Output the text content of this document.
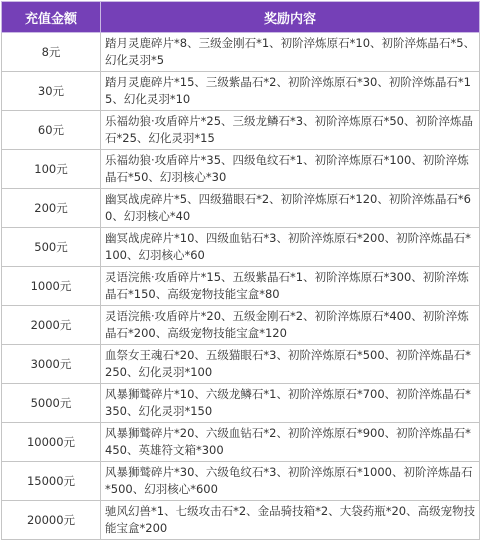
充值金额	奖励内容
8元	踏月灵鹿碎片*8、三级金刚石*1、初阶淬炼原石*10、初阶淬炼晶石*5、幻化灵羽*5
30元	踏月灵鹿碎片*15、三级紫晶石*2、初阶淬炼原石*30、初阶淬炼晶石*15、幻化灵羽*10
60元	乐福幼狼·攻盾碎片*25、三级龙鳞石*3、初阶淬炼原石*50、初阶淬炼晶石*25、幻化灵羽*15
100元	乐福幼狼·攻盾碎片*35、四级龟纹石*1、初阶淬炼原石*100、初阶淬炼晶石*50、幻羽核心*30
200元	幽冥战虎碎片*5、四级猫眼石*2、初阶淬炼原石*120、初阶淬炼晶石*60、幻羽核心*40
500元	幽冥战虎碎片*10、四级血钻石*3、初阶淬炼原石*200、初阶淬炼晶石*100、幻羽核心*60
1000元	灵语浣熊·攻盾碎片*15、五级紫晶石*1、初阶淬炼原石*300、初阶淬炼晶石*150、高级宠物技能宝盒*80
2000元	灵语浣熊·攻盾碎片*20、五级金刚石*2、初阶淬炼原石*400、初阶淬炼晶石*200、高级宠物技能宝盒*120
3000元	血祭女王魂石*20、五级猫眼石*3、初阶淬炼原石*500、初阶淬炼晶石*250、幻化灵羽*100
5000元	风暴狮鹫碎片*10、六级龙鳞石*1、初阶淬炼原石*700、初阶淬炼晶石*350、幻化灵羽*150
10000元	风暴狮鹫碎片*20、六级血钻石*2、初阶淬炼原石*900、初阶淬炼晶石*450、英雄符文箱*300
15000元	风暴狮鹫碎片*30、六级龟纹石*3、初阶淬炼原石*1000、初阶淬炼晶石*500、幻羽核心*600
20000元	驰风幻兽*1、七级攻击石*2、金品骑技箱*2、大袋药瓶*20、高级宠物技能宝盒*200
